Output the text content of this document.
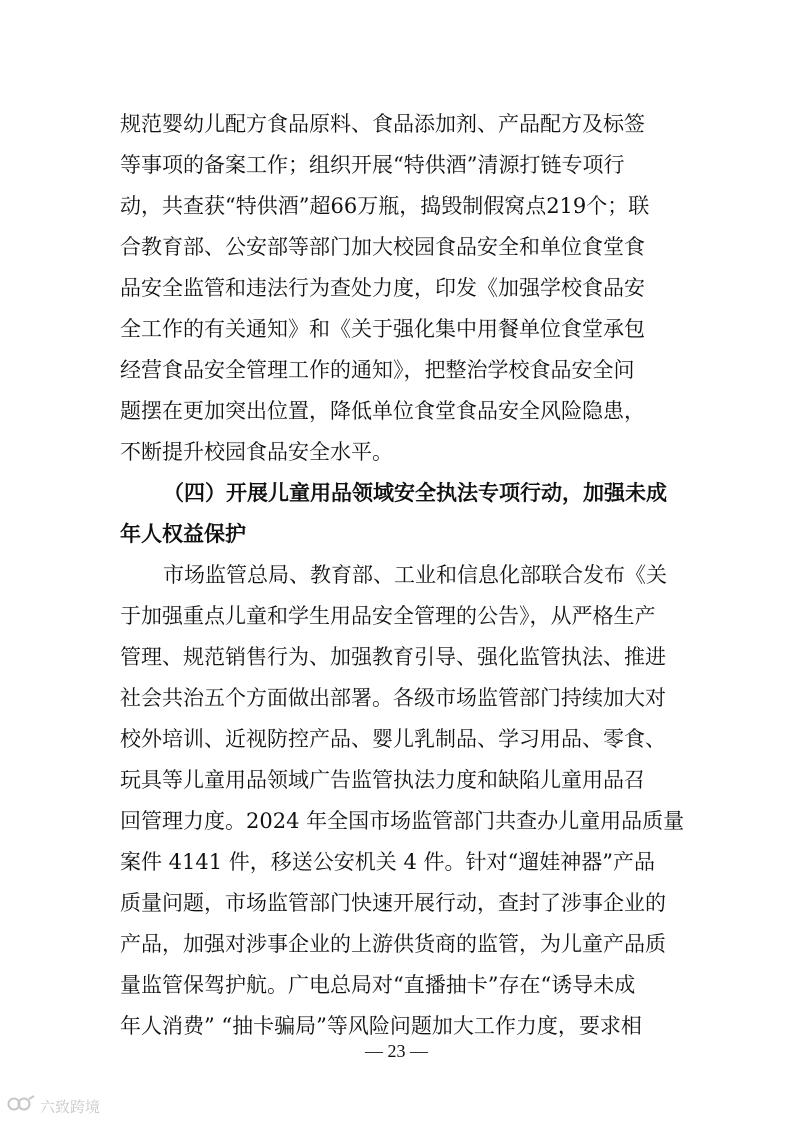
规范婴幼儿配方食品原料、食品添加剂、产品配方及标签
等事项的备案工作；组织开展“特供酒”清源打链专项行
动，共查获“特供酒”超66万瓶，捣毁制假窝点219个；联
合教育部、公安部等部门加大校园食品安全和单位食堂食
品安全监管和违法行为查处力度，印发《加强学校食品安
全工作的有关通知》和《关于强化集中用餐单位食堂承包
经营食品安全管理工作的通知》，把整治学校食品安全问
题摆在更加突出位置，降低单位食堂食品安全风险隐患，
不断提升校园食品安全水平。
（四）开展儿童用品领域安全执法专项行动，加强未成
年人权益保护
市场监管总局、教育部、工业和信息化部联合发布《关
于加强重点儿童和学生用品安全管理的公告》，从严格生产
管理、规范销售行为、加强教育引导、强化监管执法、推进
社会共治五个方面做出部署。各级市场监管部门持续加大对
校外培训、近视防控产品、婴儿乳制品、学习用品、零食、
玩具等儿童用品领域广告监管执法力度和缺陷儿童用品召
回管理力度。2024 年全国市场监管部门共查办儿童用品质量
案件 4141 件，移送公安机关 4 件。针对“遛娃神器”产品
质量问题，市场监管部门快速开展行动，查封了涉事企业的
产品，加强对涉事企业的上游供货商的监管，为儿童产品质
量监管保驾护航。广电总局对“直播抽卡”存在“诱导未成
年人消费” “抽卡骗局”等风险问题加大工作力度，要求相
— 23 —
六致跨境
